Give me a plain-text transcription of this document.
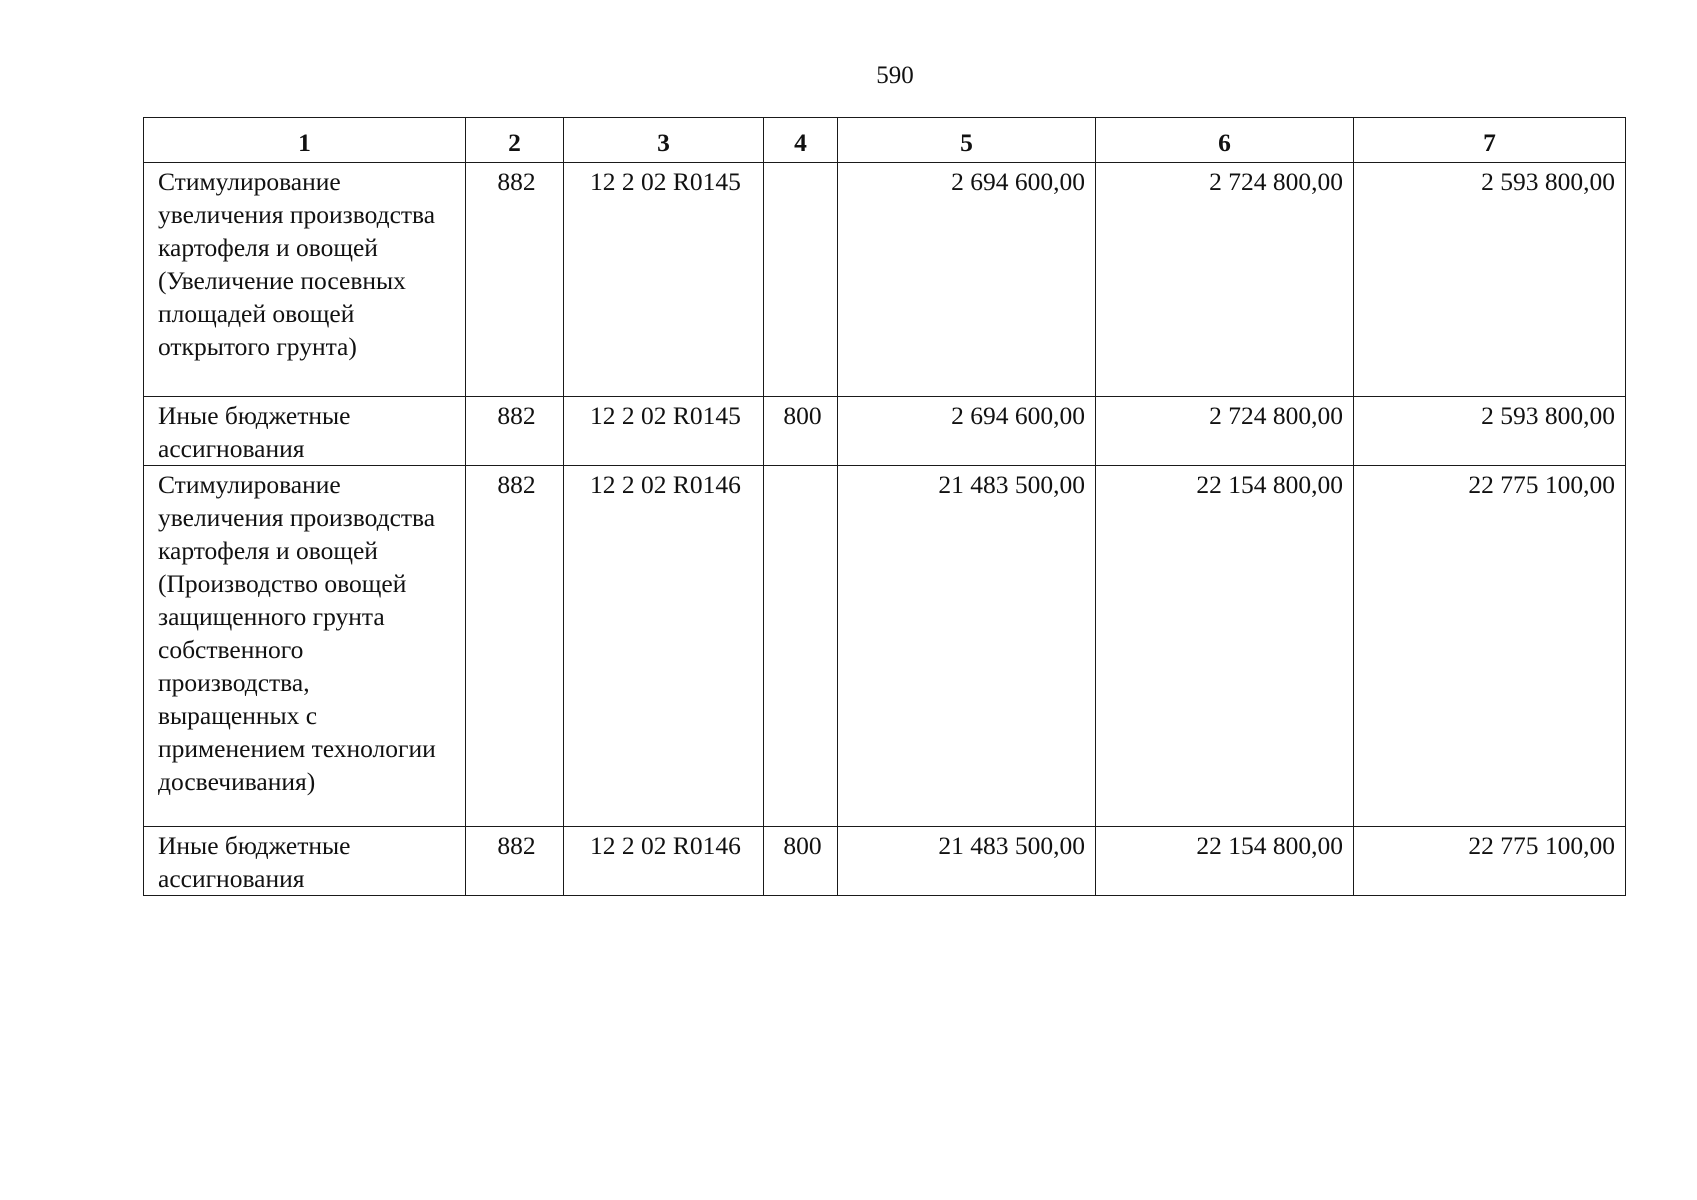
590
1	2	3	4	5	6	7
Стимулирование увеличения производства картофеля и овощей (Увеличение посевных площадей овощей открытого грунта)	882	12 2 02 R0145		2 694 600,00	2 724 800,00	2 593 800,00
Иные бюджетные ассигнования	882	12 2 02 R0145	800	2 694 600,00	2 724 800,00	2 593 800,00
Стимулирование увеличения производства картофеля и овощей (Производство овощей защищенного грунта собственного производства, выращенных с применением технологии досвечивания)	882	12 2 02 R0146		21 483 500,00	22 154 800,00	22 775 100,00
Иные бюджетные ассигнования	882	12 2 02 R0146	800	21 483 500,00	22 154 800,00	22 775 100,00
